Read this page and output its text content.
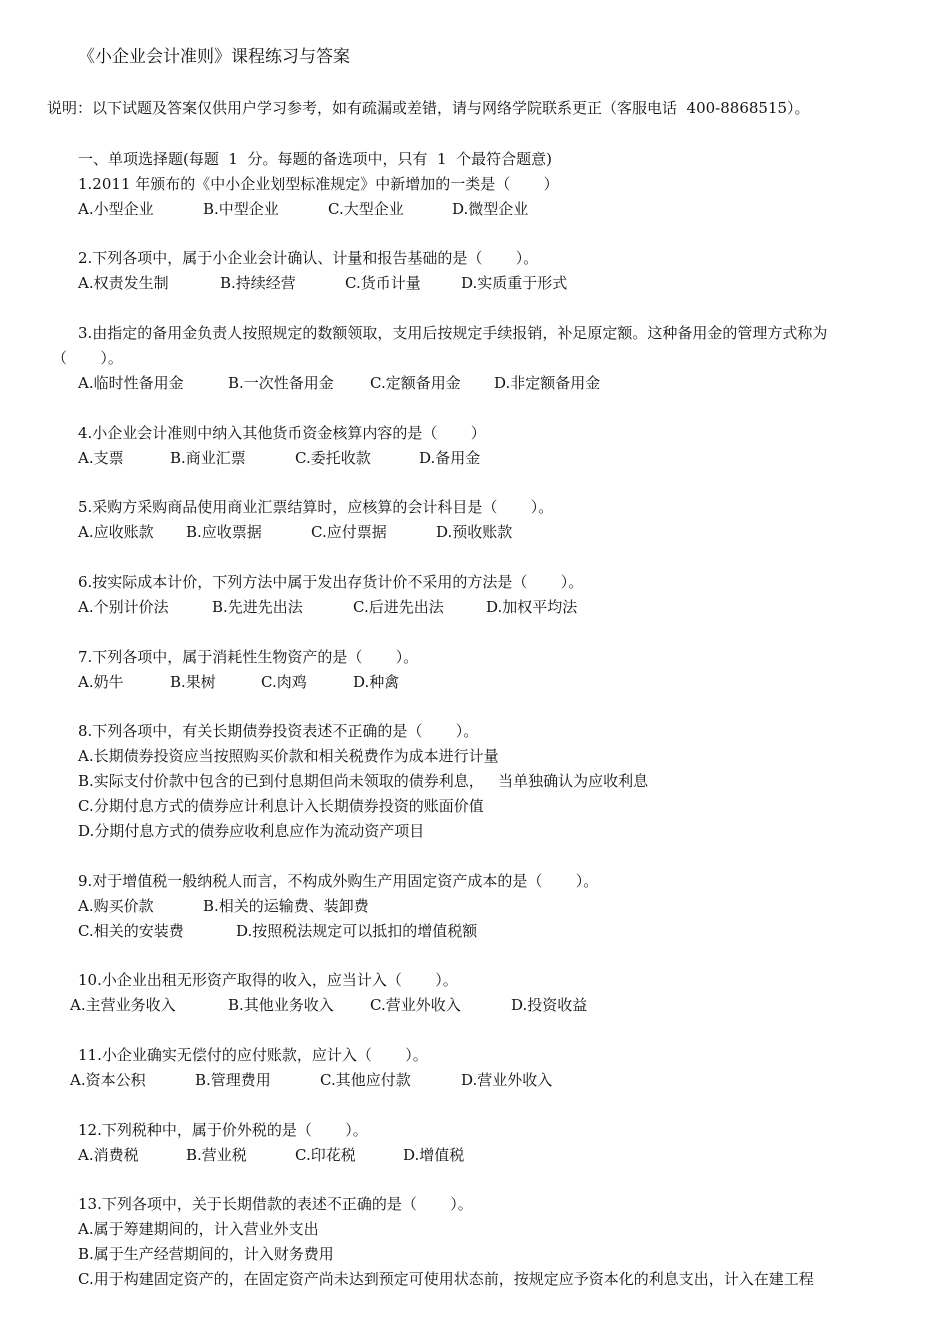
《小企业会计准则》课程练习与答案
说明：以下试题及答案仅供用户学习参考，如有疏漏或差错，请与网络学院联系更正（客服电话  400-8868515）。
一、单项选择题(每题  1  分。每题的备选项中，只有  1  个最符合题意)
1.2011 年颁布的《中小企业划型标准规定》中新增加的一类是（       ）
A.小型企业	B.中型企业	C.大型企业	D.微型企业
2.下列各项中，属于小企业会计确认、计量和报告基础的是（       ）。
A.权责发生制	B.持续经营	C.货币计量	D.实质重于形式
3.由指定的备用金负责人按照规定的数额领取，支用后按规定手续报销，补足原定额。这种备用金的管理方式称为
（       ）。
A.临时性备用金	B.一次性备用金 C.定额备用金 D.非定额备用金
4.小企业会计准则中纳入其他货币资金核算内容的是（       ）
A.支票	B.商业汇票	C.委托收款	D.备用金
5.采购方采购商品使用商业汇票结算时，应核算的会计科目是（       ）。
A.应收账款 B.应收票据	C.应付票据	D.预收账款
6.按实际成本计价，下列方法中属于发出存货计价不采用的方法是（       ）。
A.个别计价法	B.先进先出法	C.后进先出法	D.加权平均法
7.下列各项中，属于消耗性生物资产的是（       ）。
A.奶牛	B.果树	C.肉鸡	D.种禽
8.下列各项中，有关长期债券投资表述不正确的是（       ）。
A.长期债券投资应当按照购买价款和相关税费作为成本进行计量
B.实际支付价款中包含的已到付息期但尚未领取的债券利息，   当单独确认为应收利息
C.分期付息方式的债券应计利息计入长期债券投资的账面价值
D.分期付息方式的债券应收利息应作为流动资产项目
9.对于增值税一般纳税人而言，不构成外购生产用固定资产成本的是（       ）。
A.购买价款	B.相关的运输费、装卸费
C.相关的安装费	D.按照税法规定可以抵扣的增值税额
10.小企业出租无形资产取得的收入，应当计入（       ）。
A.主营业务收入	B.其他业务收入 C.营业外收入	D.投资收益
11.小企业确实无偿付的应付账款，应计入（       ）。
A.资本公积	B.管理费用	C.其他应付款	D.营业外收入
12.下列税种中，属于价外税的是（       ）。
A.消费税	B.营业税	C.印花税	D.增值税
13.下列各项中，关于长期借款的表述不正确的是（       ）。
A.属于筹建期间的，计入营业外支出
B.属于生产经营期间的，计入财务费用
C.用于构建固定资产的，在固定资产尚未达到预定可使用状态前，按规定应予资本化的利息支出，计入在建工程
